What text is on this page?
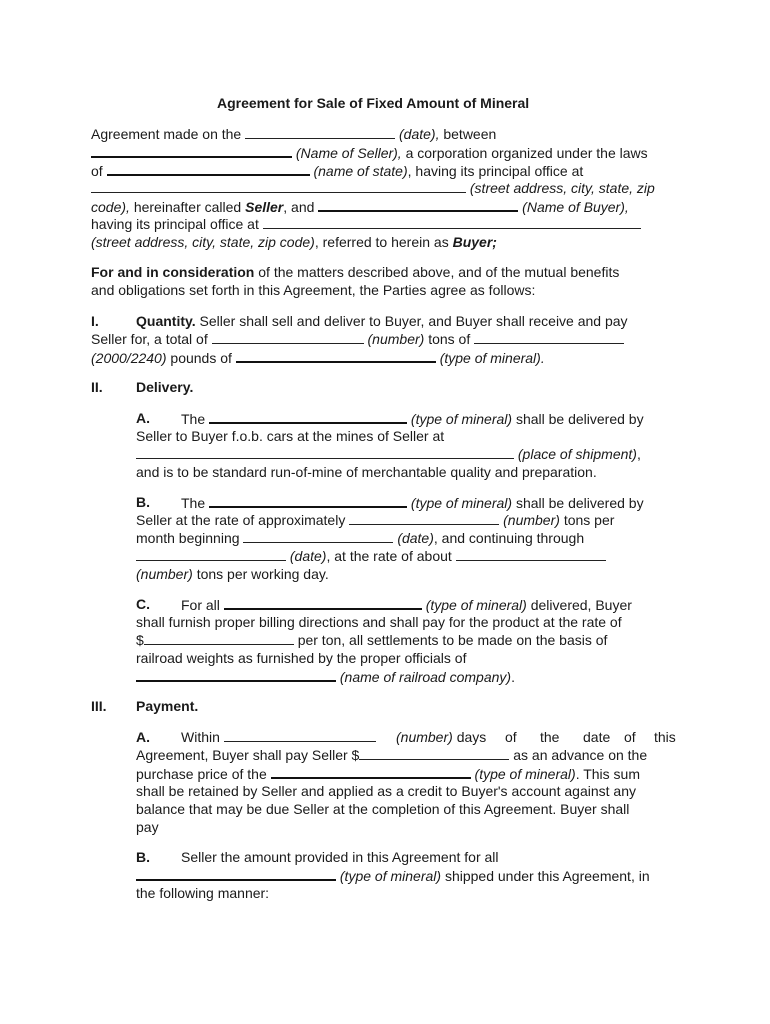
Agreement for Sale of Fixed Amount of Mineral
Agreement made on the	(date), between
(Name of Seller), a corporation organized under the laws
of	(name of state), having its principal office at
(street address, city, state, zip
code), hereinafter called Seller, and	(Name of Buyer),
having its principal office at
(street address, city, state, zip code), referred to herein as Buyer;
For and in consideration of the matters described above, and of the mutual benefits
and obligations set forth in this Agreement, the Parties agree as follows:
I.	Quantity. Seller shall sell and deliver to Buyer, and Buyer shall receive and pay
Seller for, a total of	(number) tons of
(2000/2240) pounds of	(type of mineral).
II. Delivery.
A. The	(type of mineral) shall be delivered by
Seller to Buyer f.o.b. cars at the mines of Seller at
(place of shipment),
and is to be standard run-of-mine of merchantable quality and preparation.
B. The	(type of mineral) shall be delivered by
Seller at the rate of approximately	(number) tons per
month beginning	(date), and continuing through
(date), at the rate of about
(number) tons per working day.
C. For all	(type of mineral) delivered, Buyer
shall furnish proper billing directions and shall pay for the product at the rate of
$	per ton, all settlements to be made on the basis of
railroad weights as furnished by the proper officials of
(name of railroad company).
III. Payment.
A. Within	(number) days of the date of this
Agreement, Buyer shall pay Seller $	as an advance on the
purchase price of the	(type of mineral). This sum
shall be retained by Seller and applied as a credit to Buyer's account against any
balance that may be due Seller at the completion of this Agreement. Buyer shall
pay
B. Seller the amount provided in this Agreement for all
(type of mineral) shipped under this Agreement, in
the following manner:
